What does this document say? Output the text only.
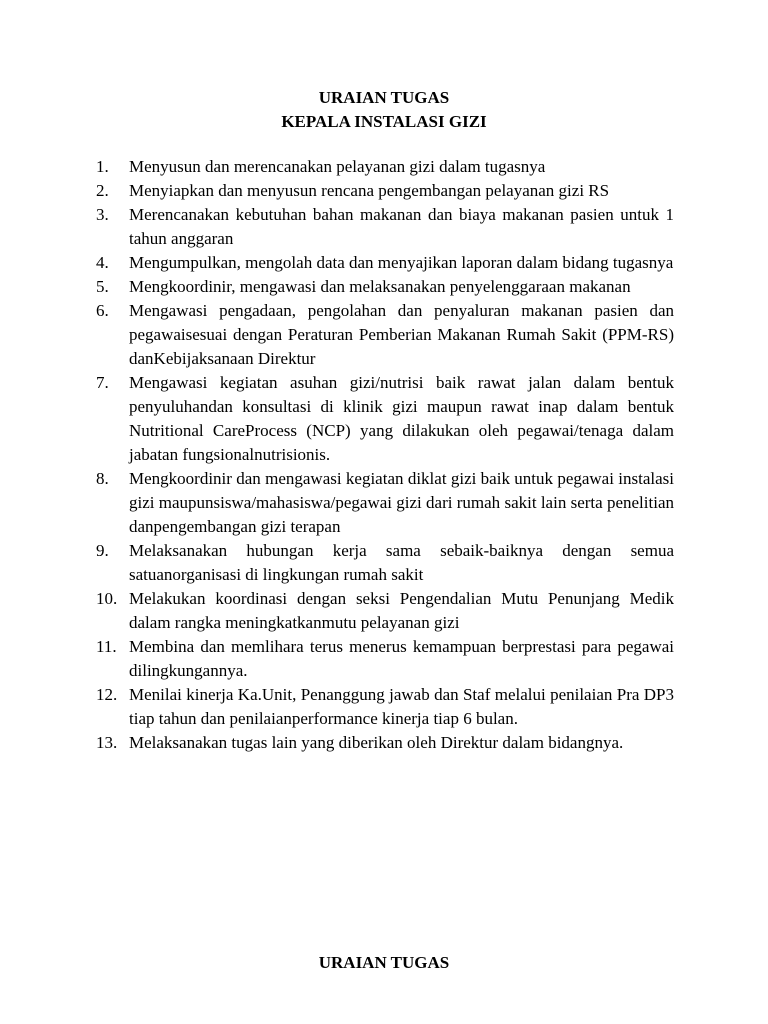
URAIAN TUGAS
KEPALA INSTALASI GIZI
1.	Menyusun dan merencanakan pelayanan gizi dalam tugasnya
2.	Menyiapkan dan menyusun rencana pengembangan pelayanan gizi RS
3.	Merencanakan kebutuhan bahan makanan dan biaya makanan pasien untuk 1 tahun anggaran
4.	Mengumpulkan, mengolah data dan menyajikan laporan dalam bidang tugasnya
5.	Mengkoordinir, mengawasi dan melaksanakan penyelenggaraan makanan
6.	Mengawasi pengadaan, pengolahan dan penyaluran makanan pasien dan pegawaisesuai dengan Peraturan Pemberian Makanan Rumah Sakit (PPM-RS) danKebijaksanaan Direktur
7.	Mengawasi kegiatan asuhan gizi/nutrisi baik rawat jalan dalam bentuk penyuluhandan konsultasi di klinik gizi maupun rawat inap dalam bentuk Nutritional CareProcess (NCP) yang dilakukan oleh pegawai/tenaga dalam jabatan fungsionalnutrisionis.
8.	Mengkoordinir dan mengawasi kegiatan diklat gizi baik untuk pegawai instalasi gizi maupunsiswa/mahasiswa/pegawai gizi dari rumah sakit lain serta penelitian danpengembangan gizi terapan
9.	Melaksanakan hubungan kerja sama sebaik-baiknya dengan semua satuanorganisasi di lingkungan rumah sakit
10. Melakukan koordinasi dengan seksi Pengendalian Mutu Penunjang Medik dalam rangka meningkatkanmutu pelayanan gizi
11. Membina dan memlihara terus menerus kemampuan berprestasi para pegawai dilingkungannya.
12. Menilai kinerja Ka.Unit, Penanggung jawab dan Staf melalui penilaian Pra DP3 tiap tahun dan penilaianperformance kinerja tiap 6 bulan.
13. Melaksanakan tugas lain yang diberikan oleh Direktur dalam bidangnya.
URAIAN TUGAS
